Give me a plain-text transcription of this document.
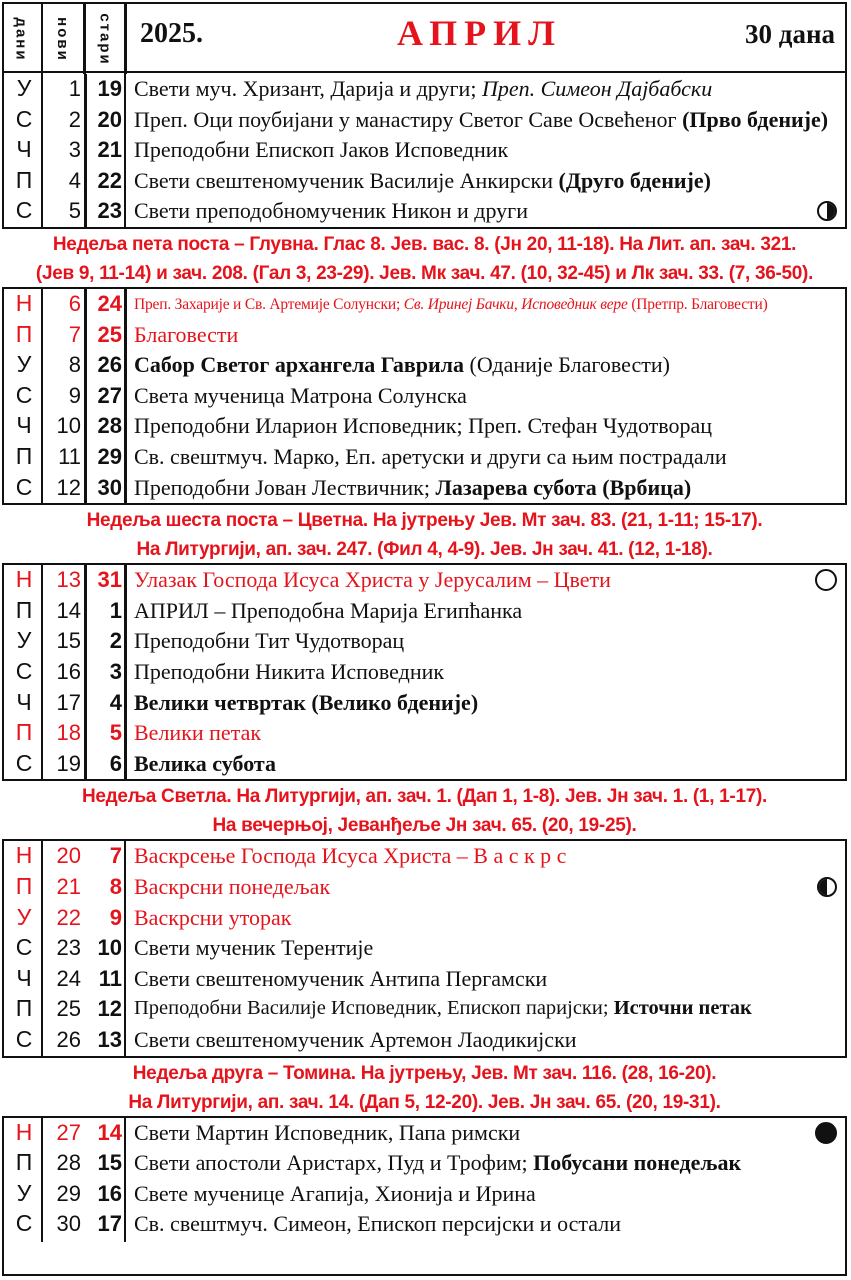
дани нови стари 2025.	АПРИЛ	30 дана
У	1 19 Свети муч. Хризант, Дарија и други; Преп. Симеон Дајбабски
С	2 20 Преп. Оци поубијани у манастиру Светог Саве Освећеног (Прво бденије)
Ч	3 21 Преподобни Епископ Јаков Исповедник
П	4 22 Свети свештеномученик Василије Анкирски (Друго бденије)
С	5 23 Свети преподобномученик Никон и други
Недеља пета поста – Глувна. Глас 8. Јев. вас. 8. (Јн 20, 11-18). На Лит. ап. зач. 321.
(Јев 9, 11-14) и зач. 208. (Гал 3, 23-29). Јев. Мк зач. 47. (10, 32-45) и Лк зач. 33. (7, 36-50).
Н	6 24 Преп. Захарије и Св. Артемије Солунски; Св. Иринеј Бачки, Исповедник вере (Претпр. Благовести)
П	7 25 Благовести
У	8 26 Сабор Светог архангела Гаврила (Оданије Благовести)
С	9 27 Света мученица Матрона Солунска
Ч	10 28 Преподобни Иларион Исповедник; Преп. Стефан Чудотворац
П	11 29 Св. свештмуч. Марко, Еп. аретуски и други са њим пострадали
С	12 30 Преподобни Јован Лествичник; Лазарева субота (Врбица)
Недеља шеста поста – Цветна. На јутрењу Јев. Мт зач. 83. (21, 1-11; 15-17).
На Литургији, ап. зач. 247. (Фил 4, 4-9). Јев. Јн зач. 41. (12, 1-18).
Н	13 31 Улазак Господа Исуса Христа у Јерусалим – Цвети
П	14	1 АПРИЛ – Преподобна Марија Египћанка
У	15	2 Преподобни Тит Чудотворац
С	16	3 Преподобни Никита Исповедник
Ч	17	4 Велики четвртак (Велико бденије)
П	18	5 Велики петак
С	19	6 Велика субота
Недеља Светла. На Литургији, ап. зач. 1. (Дап 1, 1-8). Јев. Јн зач. 1. (1, 1-17).
На вечерњој, Јеванђеље Јн зач. 65. (20, 19-25).
Н	20	7 Васкрсење Господа Исуса Христа – В а с к р с
П	21	8 Васкрсни понедељак
У	22	9 Васкрсни уторак
С	23 10 Свети мученик Терентије
Ч	24 11 Свети свештеномученик Антипа Пергамски
П	25 12 Преподобни Василије Исповедник, Епископ паријски; Источни петак
С	26 13 Свети свештеномученик Артемон Лаодикијски
Недеља друга – Томина. На јутрењу, Јев. Мт зач. 116. (28, 16-20).
На Литургији, ап. зач. 14. (Дап 5, 12-20). Јев. Јн зач. 65. (20, 19-31).
Н	27 14 Свети Мартин Исповедник, Папа римски
П	28 15 Свети апостоли Аристарх, Пуд и Трофим; Побусани понедељак
У	29 16 Свете мученице Агапија, Хионија и Ирина
С	30 17 Св. свештмуч. Симеон, Епископ персијски и остали
